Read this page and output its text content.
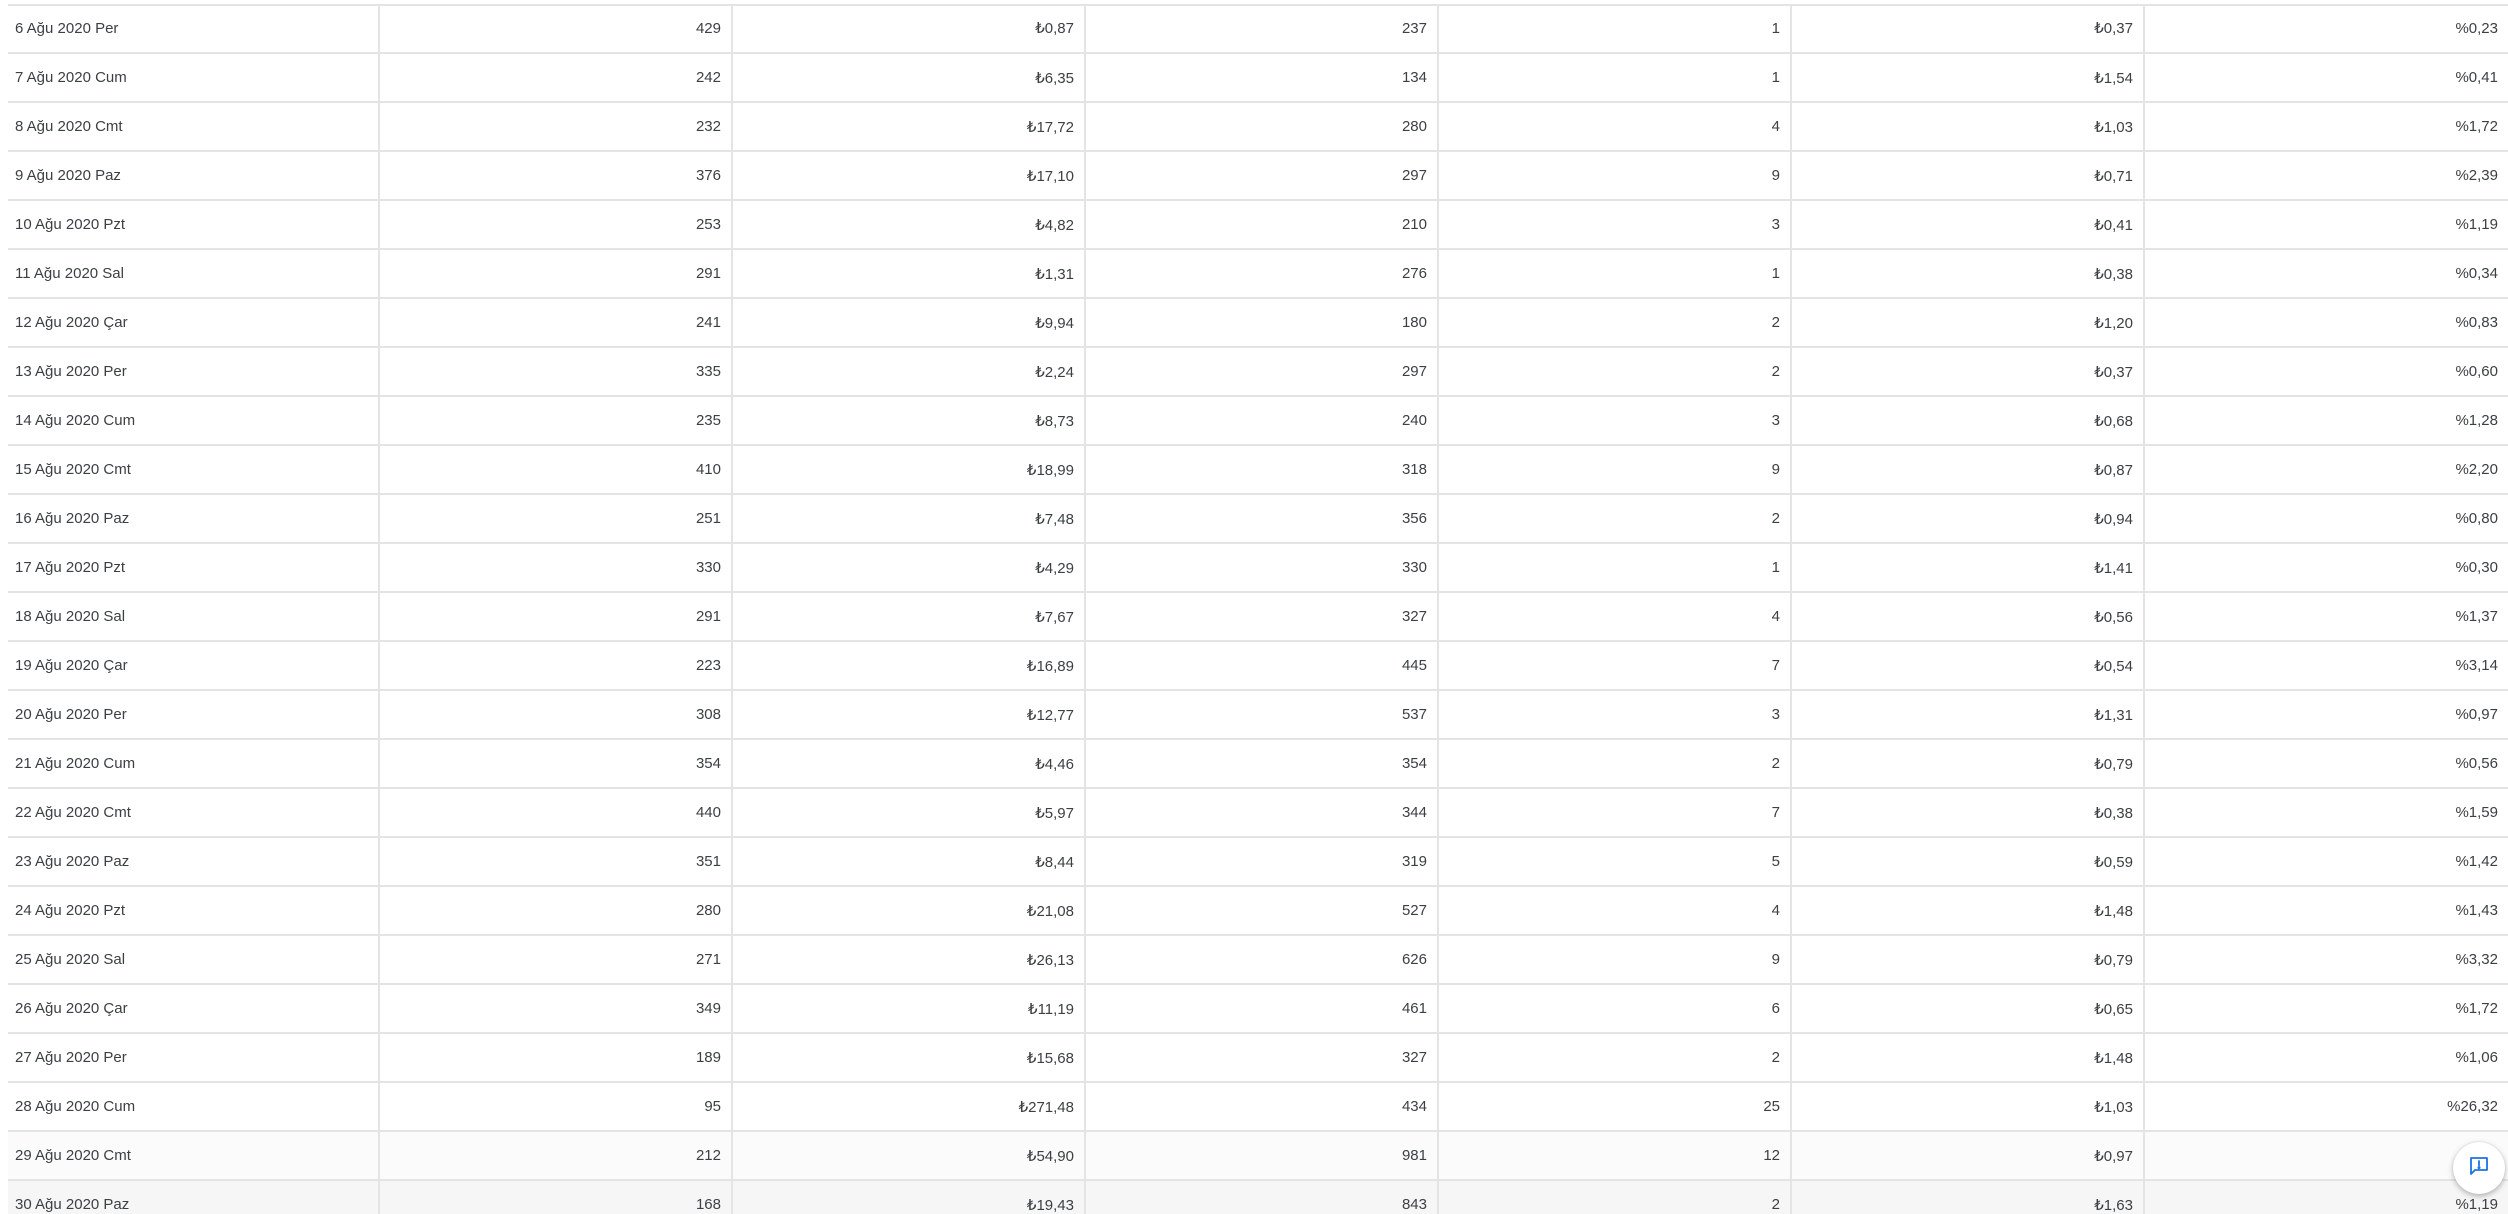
6 Ağu 2020 Per	429	₺0,87	237	1	₺0,37	%0,23
7 Ağu 2020 Cum	242	₺6,35	134	1	₺1,54	%0,41
8 Ağu 2020 Cmt	232	₺17,72	280	4	₺1,03	%1,72
9 Ağu 2020 Paz	376	₺17,10	297	9	₺0,71	%2,39
10 Ağu 2020 Pzt	253	₺4,82	210	3	₺0,41	%1,19
11 Ağu 2020 Sal	291	₺1,31	276	1	₺0,38	%0,34
12 Ağu 2020 Çar	241	₺9,94	180	2	₺1,20	%0,83
13 Ağu 2020 Per	335	₺2,24	297	2	₺0,37	%0,60
14 Ağu 2020 Cum	235	₺8,73	240	3	₺0,68	%1,28
15 Ağu 2020 Cmt	410	₺18,99	318	9	₺0,87	%2,20
16 Ağu 2020 Paz	251	₺7,48	356	2	₺0,94	%0,80
17 Ağu 2020 Pzt	330	₺4,29	330	1	₺1,41	%0,30
18 Ağu 2020 Sal	291	₺7,67	327	4	₺0,56	%1,37
19 Ağu 2020 Çar	223	₺16,89	445	7	₺0,54	%3,14
20 Ağu 2020 Per	308	₺12,77	537	3	₺1,31	%0,97
21 Ağu 2020 Cum	354	₺4,46	354	2	₺0,79	%0,56
22 Ağu 2020 Cmt	440	₺5,97	344	7	₺0,38	%1,59
23 Ağu 2020 Paz	351	₺8,44	319	5	₺0,59	%1,42
24 Ağu 2020 Pzt	280	₺21,08	527	4	₺1,48	%1,43
25 Ağu 2020 Sal	271	₺26,13	626	9	₺0,79	%3,32
26 Ağu 2020 Çar	349	₺11,19	461	6	₺0,65	%1,72
27 Ağu 2020 Per	189	₺15,68	327	2	₺1,48	%1,06
28 Ağu 2020 Cum	95	₺271,48	434	25	₺1,03	%26,32
29 Ağu 2020 Cmt	212	₺54,90	981	12	₺0,97	
30 Ağu 2020 Paz	168	₺19,43	843	2	₺1,63	%1,19
